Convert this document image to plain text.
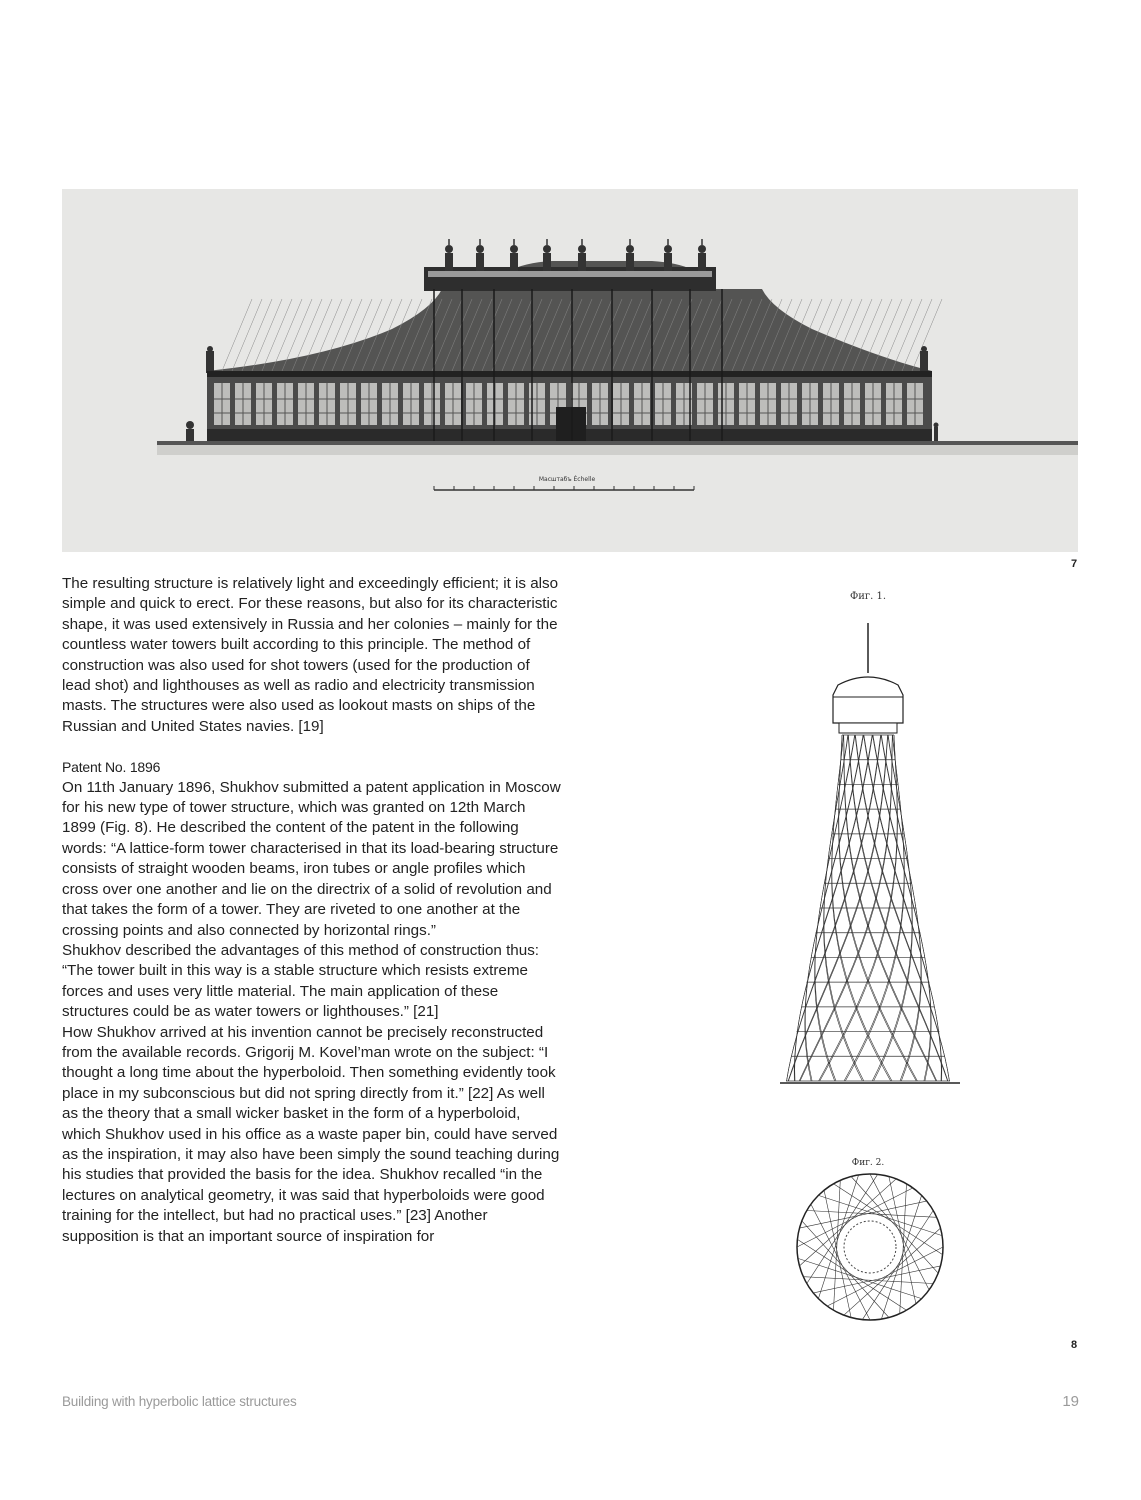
Масштабъ Échelle
7

The resulting structure is relatively light and exceedingly efficient; it is also simple and quick to erect. For these reasons, but also for its characteristic shape, it was used extensively in Russia and her colonies – mainly for the countless water towers built according to this principle. The method of construction was also used for shot towers (used for the production of lead shot) and lighthouses as well as radio and electricity transmission masts. The structures were also used as lookout masts on ships of the Russian and United States navies. [19]

Patent No. 1896

On 11th January 1896, Shukhov submitted a patent application in Moscow for his new type of tower structure, which was granted on 12th March 1899 (Fig. 8). He described the content of the patent in the following words: “A lattice-form tower characterised in that its load-bearing structure consists of straight wooden beams, iron tubes or angle profiles which cross over one another and lie on the directrix of a solid of revolution and that takes the form of a tower. They are riveted to one another at the crossing points and also connected by horizontal rings.”

Shukhov described the advantages of this method of construction thus: “The tower built in this way is a stable structure which resists extreme forces and uses very little material. The main application of these structures could be as water towers or lighthouses.” [21]

How Shukhov arrived at his invention cannot be precisely reconstructed from the available records. Grigorij M. Kovel’man wrote on the subject: “I thought a long time about the hyperboloid. Then something evidently took place in my subconscious but did not spring directly from it.” [22] As well as the theory that a small wicker basket in the form of a hyperboloid, which Shukhov used in his office as a waste paper bin, could have served as the inspiration, it may also have been simply the sound teaching during his studies that provided the basis for the idea. Shukhov recalled “in the lectures on analytical geometry, it was said that hyperboloids were good training for the intellect, but had no practical uses.” [23] Another supposition is that an important source of inspiration for

Фиг. 1.
Фиг. 2.
8
Building with hyperbolic lattice structures	19
